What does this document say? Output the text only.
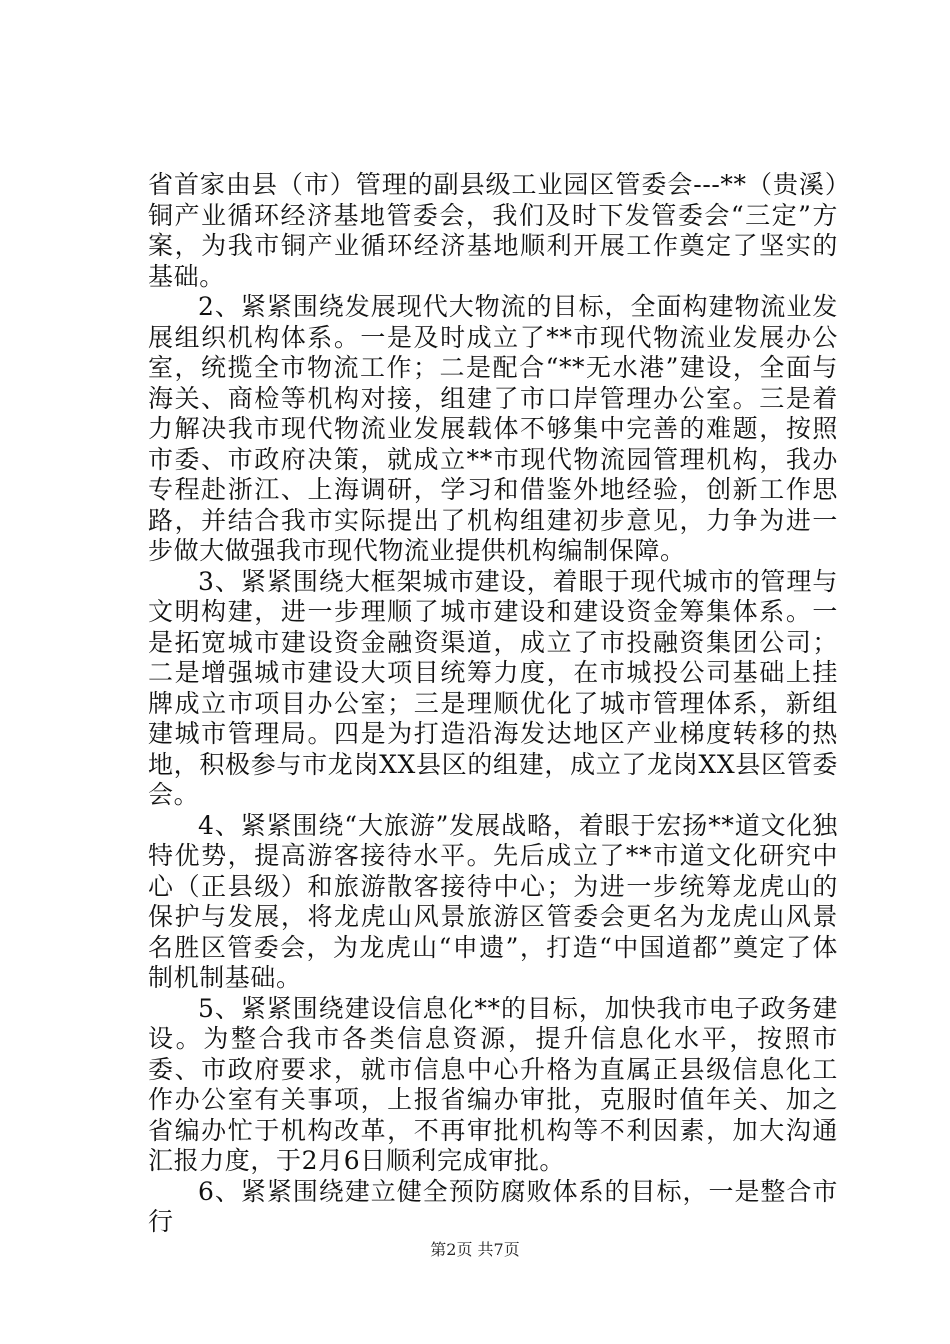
省首家由县（市）管理的副县级工业园区管委会---**（贵溪）铜产业循环经济基地管委会，我们及时下发管委会“三定”方案，为我市铜产业循环经济基地顺利开展工作奠定了坚实的基础。

2、紧紧围绕发展现代大物流的目标，全面构建物流业发展组织机构体系。一是及时成立了**市现代物流业发展办公室，统揽全市物流工作；二是配合“**无水港”建设，全面与海关、商检等机构对接，组建了市口岸管理办公室。三是着力解决我市现代物流业发展载体不够集中完善的难题，按照市委、市政府决策，就成立**市现代物流园管理机构，我办专程赴浙江、上海调研，学习和借鉴外地经验，创新工作思路，并结合我市实际提出了机构组建初步意见，力争为进一步做大做强我市现代物流业提供机构编制保障。

3、紧紧围绕大框架城市建设，着眼于现代城市的管理与文明构建，进一步理顺了城市建设和建设资金筹集体系。一是拓宽城市建设资金融资渠道，成立了市投融资集团公司；二是增强城市建设大项目统筹力度，在市城投公司基础上挂牌成立市项目办公室；三是理顺优化了城市管理体系，新组建城市管理局。四是为打造沿海发达地区产业梯度转移的热地，积极参与市龙岗XX县区的组建，成立了龙岗XX县区管委会。

4、紧紧围绕“大旅游”发展战略，着眼于宏扬**道文化独特优势，提高游客接待水平。先后成立了**市道文化研究中心（正县级）和旅游散客接待中心；为进一步统筹龙虎山的保护与发展，将龙虎山风景旅游区管委会更名为龙虎山风景名胜区管委会，为龙虎山“申遗”，打造“中国道都”奠定了体制机制基础。

5、紧紧围绕建设信息化**的目标，加快我市电子政务建设。为整合我市各类信息资源，提升信息化水平，按照市委、市政府要求，就市信息中心升格为直属正县级信息化工作办公室有关事项，上报省编办审批，克服时值年关、加之省编办忙于机构改革，不再审批机构等不利因素，加大沟通汇报力度，于2月6日顺利完成审批。

6、紧紧围绕建立健全预防腐败体系的目标，一是整合市行

第2页 共7页
